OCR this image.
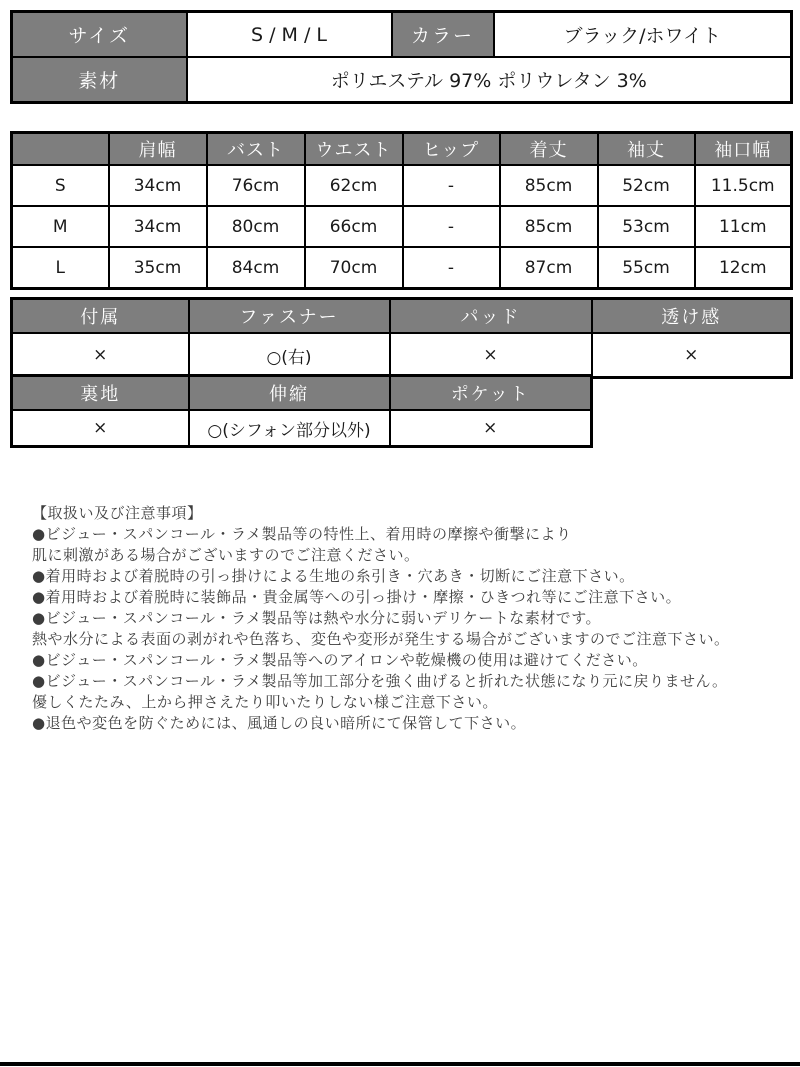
サイズ	S / M / L	カラー	ブラック/ホワイト
素材	ポリエステル 97% ポリウレタン 3%		
	肩幅	バスト	ウエスト	ヒップ	着丈	袖丈	袖口幅
S	34cm	76cm	62cm	-	85cm	52cm	11.5cm
M	34cm	80cm	66cm	-	85cm	53cm	11cm
L	35cm	84cm	70cm	-	87cm	55cm	12cm
付属	ファスナー	パッド	透け感
×	○(右)	×	×
裏地	伸縮	ポケット
×	○(シフォン部分以外)	×
【取扱い及び注意事項】
●ビジュー・スパンコール・ラメ製品等の特性上、着用時の摩擦や衝撃により
肌に刺激がある場合がございますのでご注意ください。
●着用時および着脱時の引っ掛けによる生地の糸引き・穴あき・切断にご注意下さい。
●着用時および着脱時に装飾品・貴金属等への引っ掛け・摩擦・ひきつれ等にご注意下さい。
●ビジュー・スパンコール・ラメ製品等は熱や水分に弱いデリケートな素材です。
熱や水分による表面の剥がれや色落ち、変色や変形が発生する場合がございますのでご注意下さい。
●ビジュー・スパンコール・ラメ製品等へのアイロンや乾燥機の使用は避けてください。
●ビジュー・スパンコール・ラメ製品等加工部分を強く曲げると折れた状態になり元に戻りません。
優しくたたみ、上から押さえたり叩いたりしない様ご注意下さい。
●退色や変色を防ぐためには、風通しの良い暗所にて保管して下さい。
